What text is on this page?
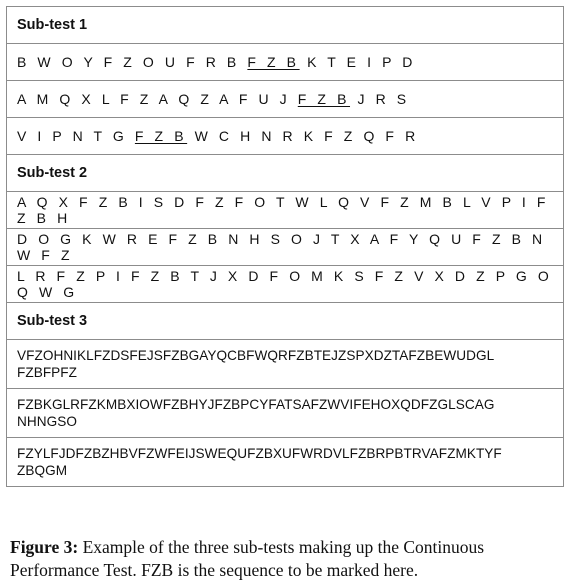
Sub-test 1
B W O Y F Z O U F R B F Z B K T E I P D
A M Q X L F Z A Q Z A F U J F Z B J R S
V I P N T G F Z B W C H N R K F Z Q F R
Sub-test 2
A Q X F Z B I S D F Z F O T W L Q V F Z M B L V P I F Z B H
D O G K W R E F Z B N H S O J T X A F Y Q U F Z B N W F Z
L R F Z P I F Z B T J X D F O M K S F Z V X D Z P G O Q W G
Sub-test 3

VFZOHNIKLFZDSFEJSFZBGAYQCBFWQRFZBTEJZSPXDZTAFZBEWUDGL
FZBFPFZ

FZBKGLRFZKMBXIOWFZBHYJFZBPCYFATSAFZWVIFEHOXQDFZGLSCAG
NHNGSO

FZYLFJDFZBZHBVFZWFEIJSWEQUFZBXUFWRDVLFZBRPBTRVAFZMKTYF
ZBQGM
Figure 3: Example of the three sub-tests making up the Continuous Performance Test. FZB is the sequence to be marked here.
